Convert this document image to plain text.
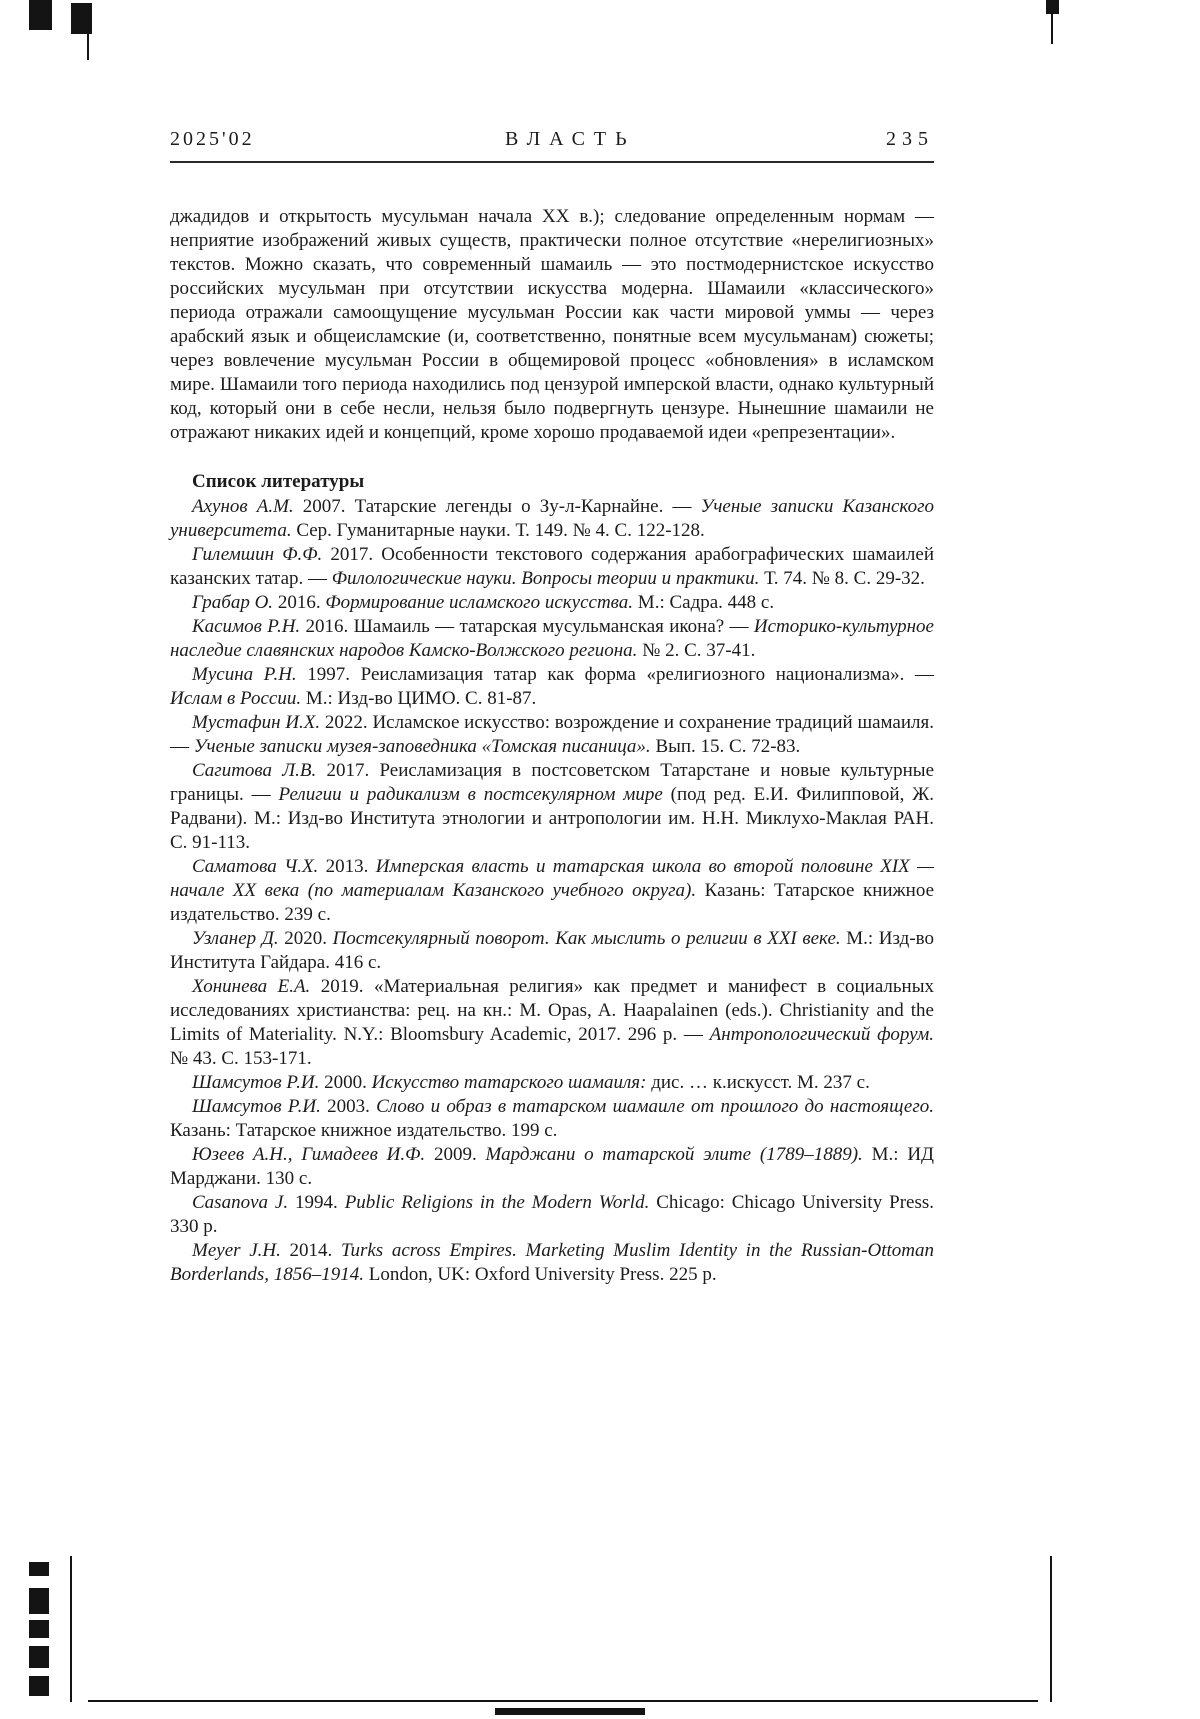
2025'02	ВЛАСТЬ	235

джадидов и открытость мусульман начала XX в.); следование определенным нормам — неприятие изображений живых существ, практически полное отсутствие «нерелигиозных» текстов. Можно сказать, что современный шамаиль — это постмодернистское искусство российских мусульман при отсутствии искусства модерна. Шамаили «классического» периода отражали самоощущение мусульман России как части мировой уммы — через арабский язык и общеисламские (и, соответственно, понятные всем мусульманам) сюжеты; через вовлечение мусульман России в общемировой процесс «обновления» в исламском мире. Шамаили того периода находились под цензурой имперской власти, однако культурный код, который они в себе несли, нельзя было подвергнуть цензуре. Нынешние шамаили не отражают никаких идей и концепций, кроме хорошо продаваемой идеи «репрезентации».

Список литературы

Ахунов А.М. 2007. Татарские легенды о Зу-л-Карнайне. — Ученые записки Казанского университета. Сер. Гуманитарные науки. Т. 149. № 4. С. 122-128.

Гилемшин Ф.Ф. 2017. Особенности текстового содержания арабографических шамаилей казанских татар. — Филологические науки. Вопросы теории и практики. Т. 74. № 8. С. 29-32.

Грабар О. 2016. Формирование исламского искусства. М.: Садра. 448 с.

Касимов Р.Н. 2016. Шамаиль — татарская мусульманская икона? — Историко-культурное наследие славянских народов Камско-Волжского региона. № 2. С. 37-41.

Мусина Р.Н. 1997. Реисламизация татар как форма «религиозного национализма». — Ислам в России. М.: Изд-во ЦИМО. С. 81-87.

Мустафин И.Х. 2022. Исламское искусство: возрождение и сохранение традиций шамаиля. — Ученые записки музея-заповедника «Томская писаница». Вып. 15. С. 72-83.

Сагитова Л.В. 2017. Реисламизация в постсоветском Татарстане и новые культурные границы. — Религии и радикализм в постсекулярном мире (под ред. Е.И. Филипповой, Ж. Радвани). М.: Изд-во Института этнологии и антропологии им. Н.Н. Миклухо-Маклая РАН. С. 91-113.

Саматова Ч.Х. 2013. Имперская власть и татарская школа во второй половине XIX — начале XX века (по материалам Казанского учебного округа). Казань: Татарское книжное издательство. 239 с.

Узланер Д. 2020. Постсекулярный поворот. Как мыслить о религии в XXI веке. М.: Изд-во Института Гайдара. 416 с.

Хонинева Е.А. 2019. «Материальная религия» как предмет и манифест в социальных исследованиях христианства: рец. на кн.: M. Opas, A. Haapalainen (eds.). Christianity and the Limits of Materiality. N.Y.: Bloomsbury Academic, 2017. 296 p. — Антропологический форум. № 43. С. 153-171.

Шамсутов Р.И. 2000. Искусство татарского шамаиля: дис. … к.искусст. М. 237 с.

Шамсутов Р.И. 2003. Слово и образ в татарском шамаиле от прошлого до настоящего. Казань: Татарское книжное издательство. 199 с.

Юзеев А.Н., Гимадеев И.Ф. 2009. Марджани о татарской элите (1789–1889). М.: ИД Марджани. 130 с.

Casanova J. 1994. Public Religions in the Modern World. Chicago: Chicago University Press. 330 p.

Meyer J.H. 2014. Turks across Empires. Marketing Muslim Identity in the Russian-Ottoman Borderlands, 1856–1914. London, UK: Oxford University Press. 225 p.
